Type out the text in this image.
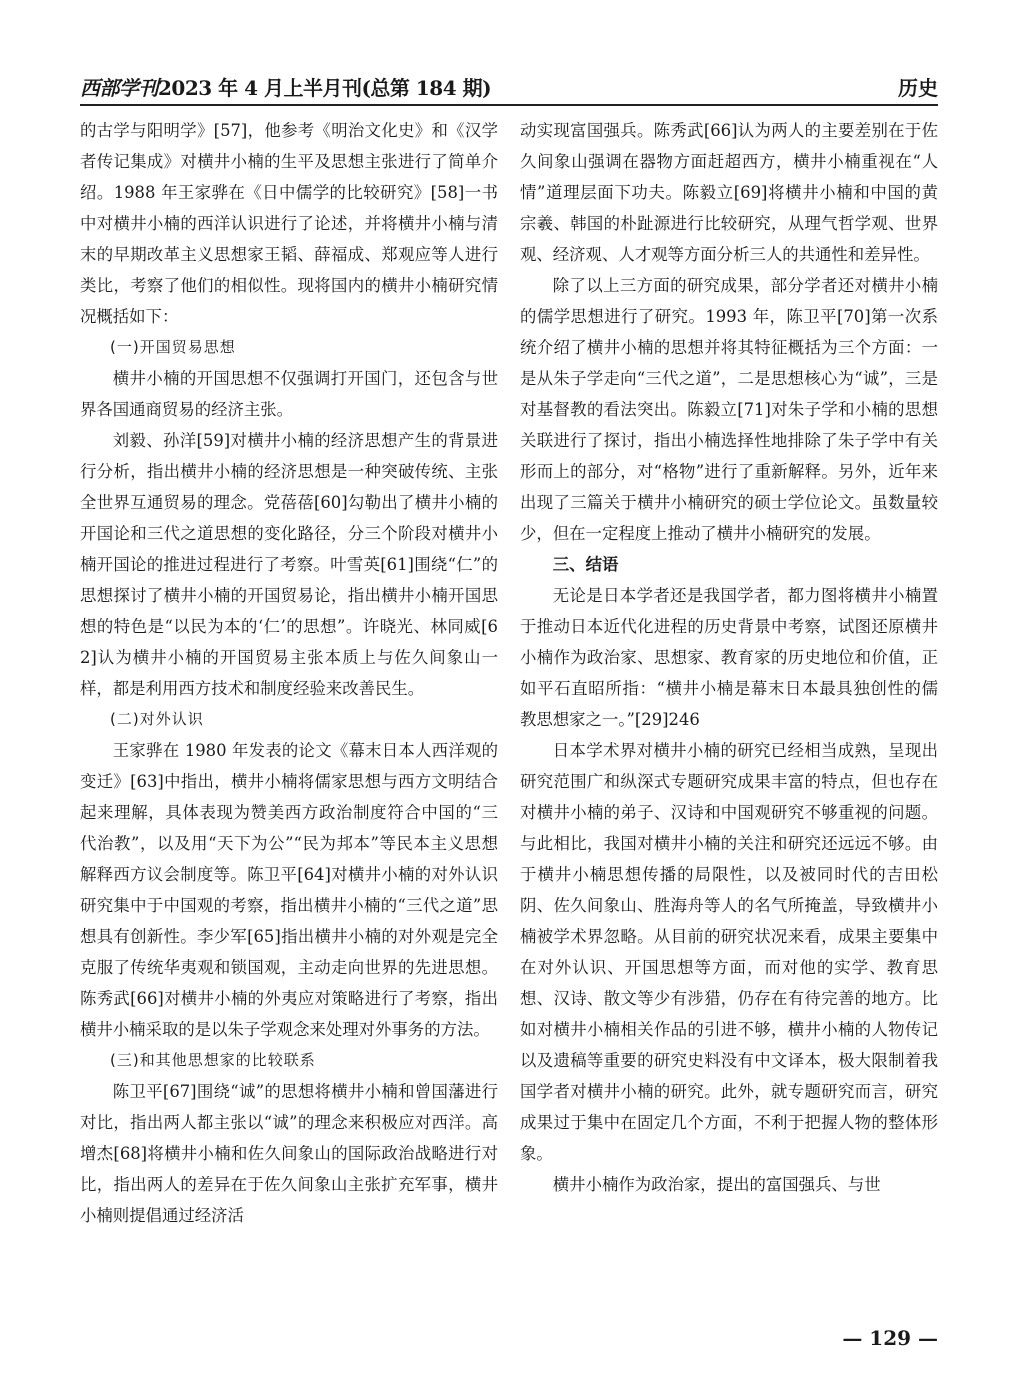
西部学刊2023 年 4 月上半月刊(总第 184 期)	历史

的古学与阳明学》[57]，他参考《明治文化史》和《汉学者传记集成》对横井小楠的生平及思想主张进行了简单介绍。1988 年王家骅在《日中儒学的比较研究》[58]一书中对横井小楠的西洋认识进行了论述，并将横井小楠与清末的早期改革主义思想家王韬、薛福成、郑观应等人进行类比，考察了他们的相似性。现将国内的横井小楠研究情况概括如下：

(一)开国贸易思想

横井小楠的开国思想不仅强调打开国门，还包含与世界各国通商贸易的经济主张。

刘毅、孙洋[59]对横井小楠的经济思想产生的背景进行分析，指出横井小楠的经济思想是一种突破传统、主张全世界互通贸易的理念。党蓓蓓[60]勾勒出了横井小楠的开国论和三代之道思想的变化路径，分三个阶段对横井小楠开国论的推进过程进行了考察。叶雪英[61]围绕“仁”的思想探讨了横井小楠的开国贸易论，指出横井小楠开国思想的特色是“以民为本的‘仁’的思想”。许晓光、林同威[62]认为横井小楠的开国贸易主张本质上与佐久间象山一样，都是利用西方技术和制度经验来改善民生。

(二)对外认识

王家骅在 1980 年发表的论文《幕末日本人西洋观的变迁》[63]中指出，横井小楠将儒家思想与西方文明结合起来理解，具体表现为赞美西方政治制度符合中国的“三代治教”，以及用“天下为公”“民为邦本”等民本主义思想解释西方议会制度等。陈卫平[64]对横井小楠的对外认识研究集中于中国观的考察，指出横井小楠的“三代之道”思想具有创新性。李少军[65]指出横井小楠的对外观是完全克服了传统华夷观和锁国观，主动走向世界的先进思想。陈秀武[66]对横井小楠的外夷应对策略进行了考察，指出横井小楠采取的是以朱子学观念来处理对外事务的方法。

(三)和其他思想家的比较联系

陈卫平[67]围绕“诚”的思想将横井小楠和曾国藩进行对比，指出两人都主张以“诚”的理念来积极应对西洋。高增杰[68]将横井小楠和佐久间象山的国际政治战略进行对比，指出两人的差异在于佐久间象山主张扩充军事，横井小楠则提倡通过经济活

动实现富国强兵。陈秀武[66]认为两人的主要差别在于佐久间象山强调在器物方面赶超西方，横井小楠重视在“人情”道理层面下功夫。陈毅立[69]将横井小楠和中国的黄宗羲、韩国的朴趾源进行比较研究，从理气哲学观、世界观、经济观、人才观等方面分析三人的共通性和差异性。

除了以上三方面的研究成果，部分学者还对横井小楠的儒学思想进行了研究。1993 年，陈卫平[70]第一次系统介绍了横井小楠的思想并将其特征概括为三个方面：一是从朱子学走向“三代之道”，二是思想核心为“诚”，三是对基督教的看法突出。陈毅立[71]对朱子学和小楠的思想关联进行了探讨，指出小楠选择性地排除了朱子学中有关形而上的部分，对“格物”进行了重新解释。另外，近年来出现了三篇关于横井小楠研究的硕士学位论文。虽数量较少，但在一定程度上推动了横井小楠研究的发展。

三、结语

无论是日本学者还是我国学者，都力图将横井小楠置于推动日本近代化进程的历史背景中考察，试图还原横井小楠作为政治家、思想家、教育家的历史地位和价值，正如平石直昭所指：“横井小楠是幕末日本最具独创性的儒教思想家之一。”[29]246

日本学术界对横井小楠的研究已经相当成熟，呈现出研究范围广和纵深式专题研究成果丰富的特点，但也存在对横井小楠的弟子、汉诗和中国观研究不够重视的问题。与此相比，我国对横井小楠的关注和研究还远远不够。由于横井小楠思想传播的局限性，以及被同时代的吉田松阴、佐久间象山、胜海舟等人的名气所掩盖，导致横井小楠被学术界忽略。从目前的研究状况来看，成果主要集中在对外认识、开国思想等方面，而对他的实学、教育思想、汉诗、散文等少有涉猎，仍存在有待完善的地方。比如对横井小楠相关作品的引进不够，横井小楠的人物传记以及遗稿等重要的研究史料没有中文译本，极大限制着我国学者对横井小楠的研究。此外，就专题研究而言，研究成果过于集中在固定几个方面，不利于把握人物的整体形象。

横井小楠作为政治家，提出的富国强兵、与世

— 129 —
